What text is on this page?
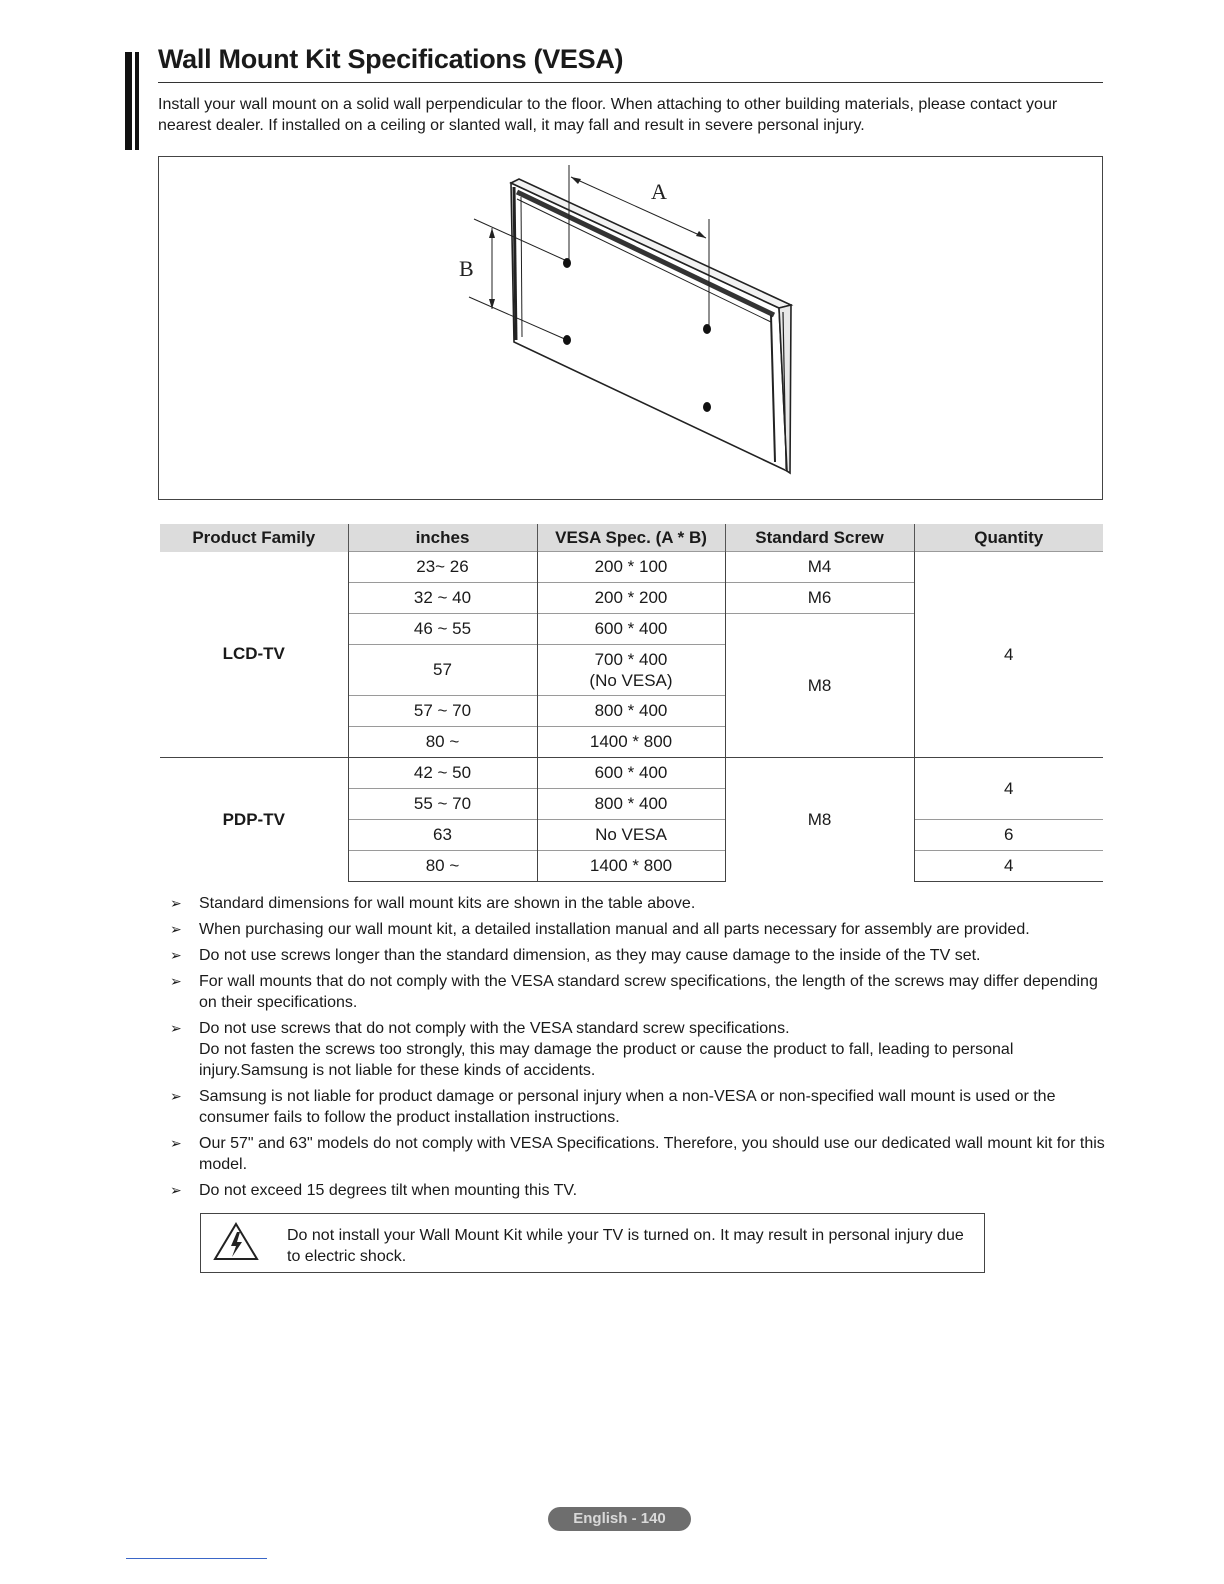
Wall Mount Kit Specifications (VESA)
Install your wall mount on a solid wall perpendicular to the floor. When attaching to other building materials, please contact your nearest dealer. If installed on a ceiling or slanted wall, it may fall and result in severe personal injury.
A
B
Product Family	inches	VESA Spec. (A * B)	Standard Screw	Quantity
LCD-TV	23~ 26	200 * 100	M4	4
	32 ~ 40	200 * 200	M6	
	46 ~ 55	600 * 400	M8	
	57	700 * 400
(No VESA)		
	57 ~ 70	800 * 400		
	80 ~	1400 * 800		
PDP-TV	42 ~ 50	600 * 400	M8	4
	55 ~ 70	800 * 400		
	63	No VESA		6
	80 ~	1400 * 800		4
➢ Standard dimensions for wall mount kits are shown in the table above.
➢ When purchasing our wall mount kit, a detailed installation manual and all parts necessary for assembly are provided.
➢ Do not use screws longer than the standard dimension, as they may cause damage to the inside of the TV set.
➢ For wall mounts that do not comply with the VESA standard screw specifications, the length of the screws may differ depending on their specifications.
➢ Do not use screws that do not comply with the VESA standard screw specifications.
Do not fasten the screws too strongly, this may damage the product or cause the product to fall, leading to personal injury.Samsung is not liable for these kinds of accidents.
➢ Samsung is not liable for product damage or personal injury when a non-VESA or non-specified wall mount is used or the consumer fails to follow the product installation instructions.
➢ Our 57" and 63" models do not comply with VESA Specifications. Therefore, you should use our dedicated wall mount kit for this model.
➢ Do not exceed 15 degrees tilt when mounting this TV.
Do not install your Wall Mount Kit while your TV is turned on. It may result in personal injury due to electric shock.
English - 140
